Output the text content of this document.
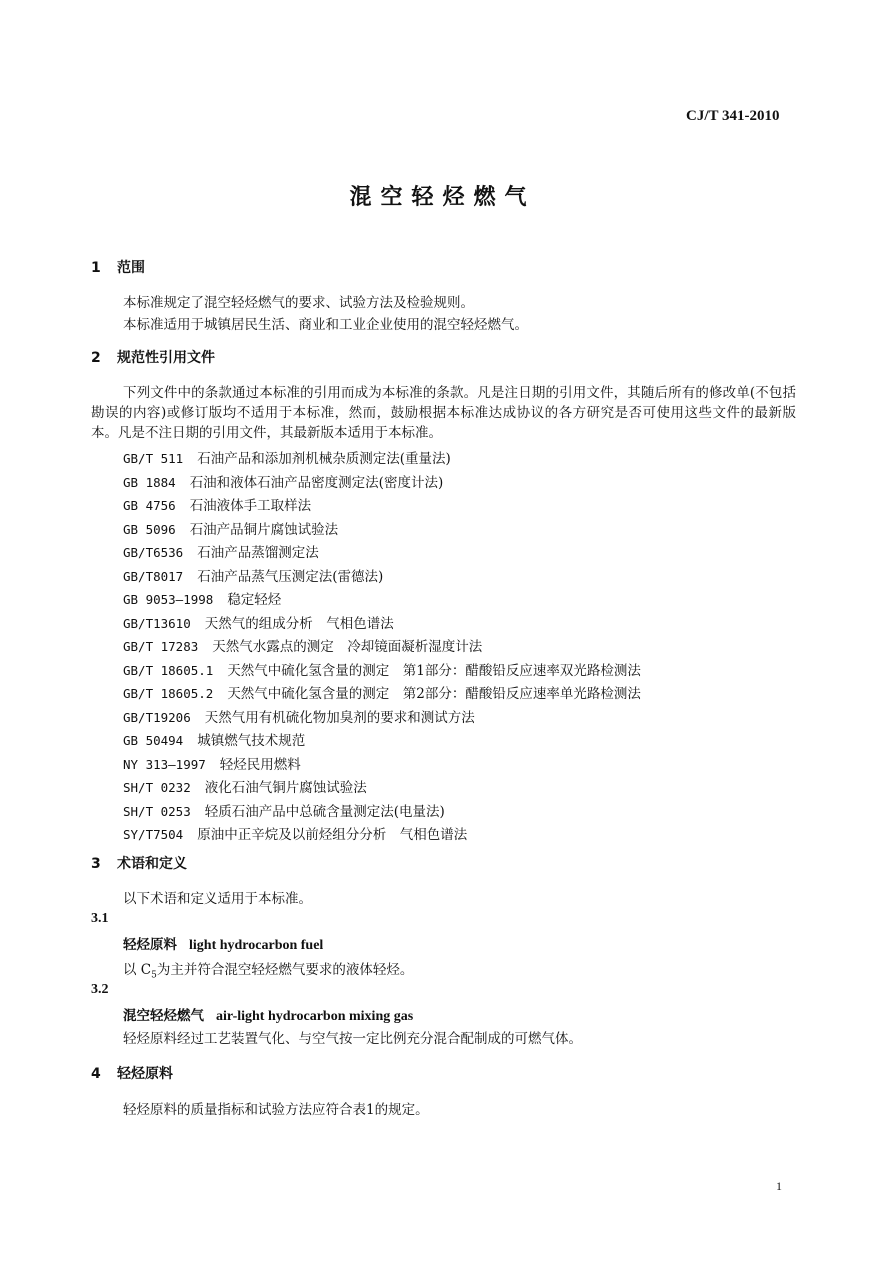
CJ/T 341-2010
混空轻烃燃气
1 范围
本标准规定了混空轻烃燃气的要求、试验方法及检验规则。
本标准适用于城镇居民生活、商业和工业企业使用的混空轻烃燃气。
2 规范性引用文件
下列文件中的条款通过本标准的引用而成为本标准的条款。凡是注日期的引用文件，其随后所有的修改单(不包括勘误的内容)或修订版均不适用于本标准，然而，鼓励根据本标准达成协议的各方研究是否可使用这些文件的最新版本。凡是不注日期的引用文件，其最新版本适用于本标准。
GB/T 511 石油产品和添加剂机械杂质测定法(重量法)
GB 1884 石油和液体石油产品密度测定法(密度计法)
GB 4756 石油液体手工取样法
GB 5096 石油产品铜片腐蚀试验法
GB/T6536 石油产品蒸馏测定法
GB/T8017 石油产品蒸气压测定法(雷德法)
GB 9053—1998 稳定轻烃
GB/T13610 天然气的组成分析　气相色谱法
GB/T 17283 天然气水露点的测定　冷却镜面凝析湿度计法
GB/T 18605.1 天然气中硫化氢含量的测定　第1部分：醋酸铅反应速率双光路检测法
GB/T 18605.2 天然气中硫化氢含量的测定　第2部分：醋酸铅反应速率单光路检测法
GB/T19206 天然气用有机硫化物加臭剂的要求和测试方法
GB 50494 城镇燃气技术规范
NY 313—1997 轻烃民用燃料
SH/T 0232 液化石油气铜片腐蚀试验法
SH/T 0253 轻质石油产品中总硫含量测定法(电量法)
SY/T7504 原油中正辛烷及以前烃组分分析　气相色谱法
3 术语和定义
以下术语和定义适用于本标准。
3.1
轻烃原料 light hydrocarbon fuel
以 $C_5$为主并符合混空轻烃燃气要求的液体轻烃。
3.2
混空轻烃燃气 air-light hydrocarbon mixing gas
轻烃原料经过工艺装置气化、与空气按一定比例充分混合配制成的可燃气体。
4 轻烃原料
轻烃原料的质量指标和试验方法应符合表1的规定。
1
